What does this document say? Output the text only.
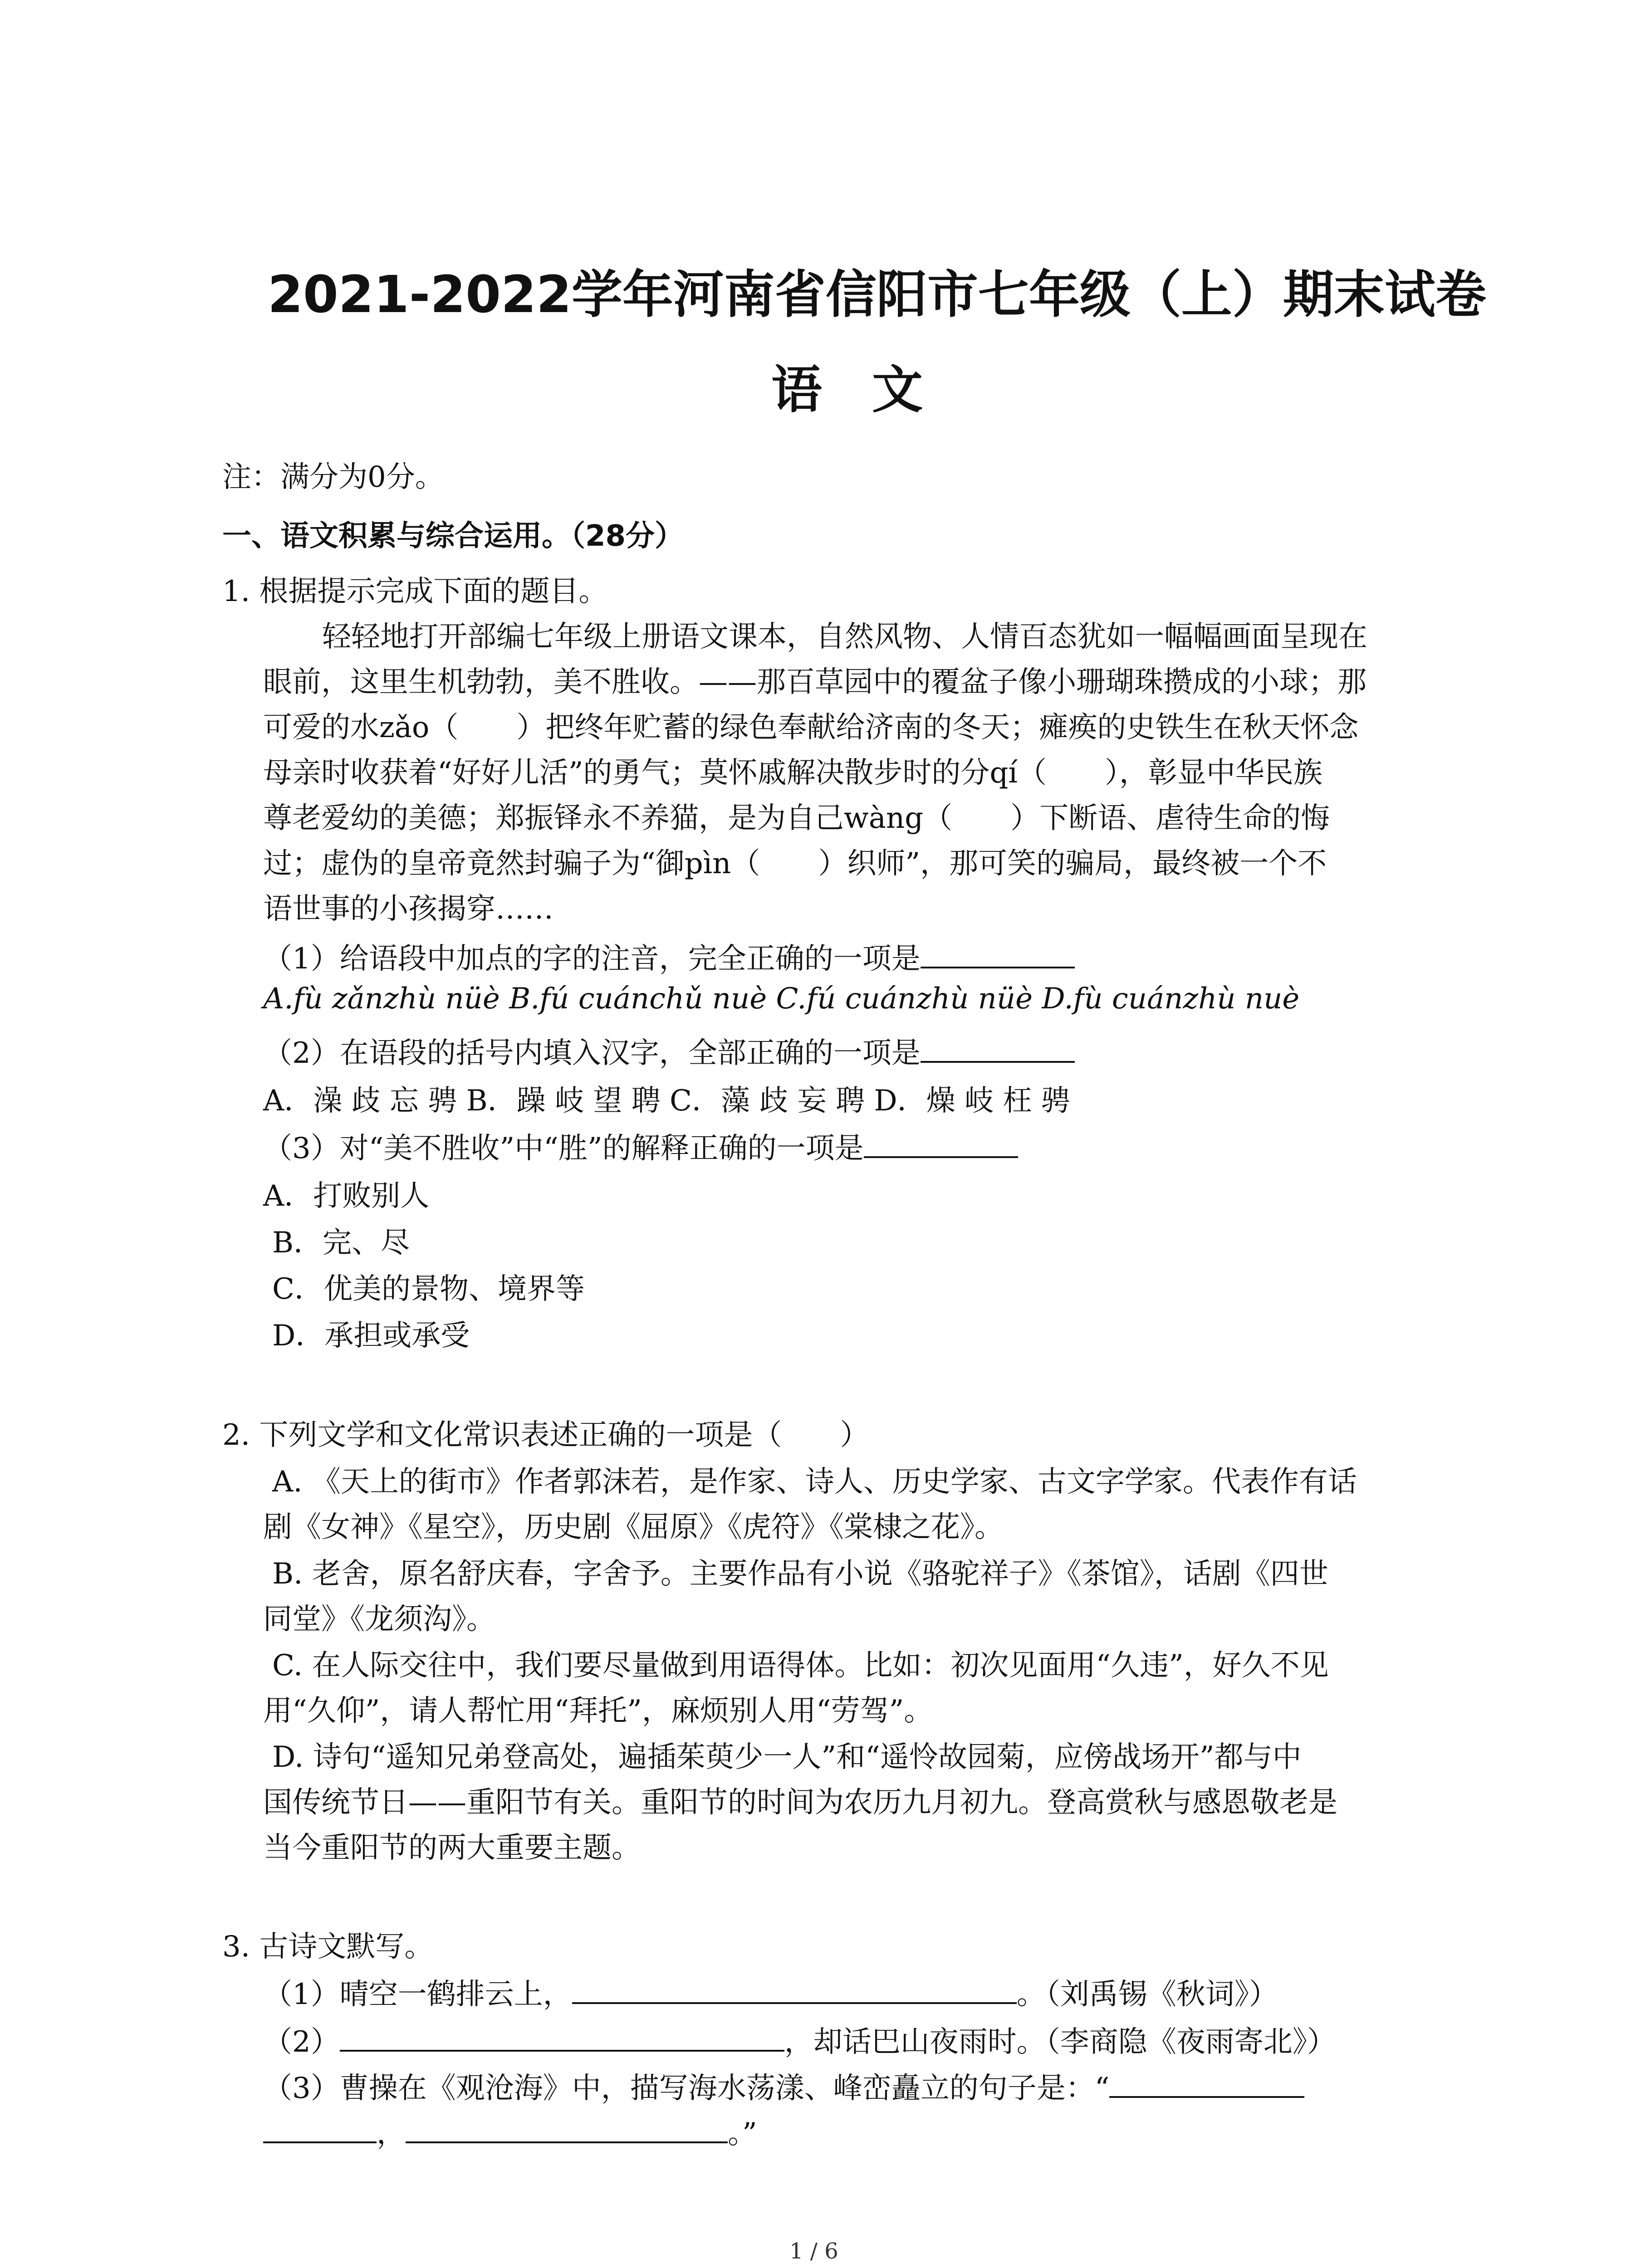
2021-2022学年河南省信阳市七年级（上）期末试卷
语文
注：满分为0分。
一、语文积累与综合运用。（28分）
1. 根据提示完成下面的题目。
轻轻地打开部编七年级上册语文课本，自然风物、人情百态犹如一幅幅画面呈现在
眼前，这里生机勃勃，美不胜收。——那百草园中的覆盆子像小珊瑚珠攒成的小球；那
可爱的水zǎo（　　）把终年贮蓄的绿色奉献给济南的冬天；瘫痪的史铁生在秋天怀念
母亲时收获着“好好儿活”的勇气；莫怀戚解决散步时的分qí（　　），彰显中华民族
尊老爱幼的美德；郑振铎永不养猫，是为自己wàng（　　）下断语、虐待生命的悔
过；虚伪的皇帝竟然封骗子为“御pìn（　　）织师”，那可笑的骗局，最终被一个不
语世事的小孩揭穿……
（1）给语段中加点的字的注音，完全正确的一项是
A.fù zǎnzhù nüè B.fú cuánchǔ nuè C.fú cuánzhù nüè D.fù cuánzhù nuè
（2）在语段的括号内填入汉字，全部正确的一项是
A．澡 歧 忘 骋 B．躁 岐 望 聘 C．藻 歧 妄 聘 D．燥 岐 枉 骋
（3）对“美不胜收”中“胜”的解释正确的一项是
A．打败别人
B．完、尽
C．优美的景物、境界等
D．承担或承受
2. 下列文学和文化常识表述正确的一项是（　　）
A. 《天上的街市》作者郭沫若，是作家、诗人、历史学家、古文字学家。代表作有话
剧《女神》《星空》，历史剧《屈原》《虎符》《棠棣之花》。
B. 老舍，原名舒庆春，字舍予。主要作品有小说《骆驼祥子》《茶馆》，话剧《四世
同堂》《龙须沟》。
C. 在人际交往中，我们要尽量做到用语得体。比如：初次见面用“久违”，好久不见
用“久仰”，请人帮忙用“拜托”，麻烦别人用“劳驾”。
D. 诗句“遥知兄弟登高处，遍插茱萸少一人”和“遥怜故园菊，应傍战场开”都与中
国传统节日——重阳节有关。重阳节的时间为农历九月初九。登高赏秋与感恩敬老是
当今重阳节的两大重要主题。
3. 古诗文默写。
（1）晴空一鹤排云上，	。（刘禹锡《秋词》）
（2）	，却话巴山夜雨时。（李商隐《夜雨寄北》）
（3）曹操在《观沧海》中，描写海水荡漾、峰峦矗立的句子是：“
，	。”
1 / 6
